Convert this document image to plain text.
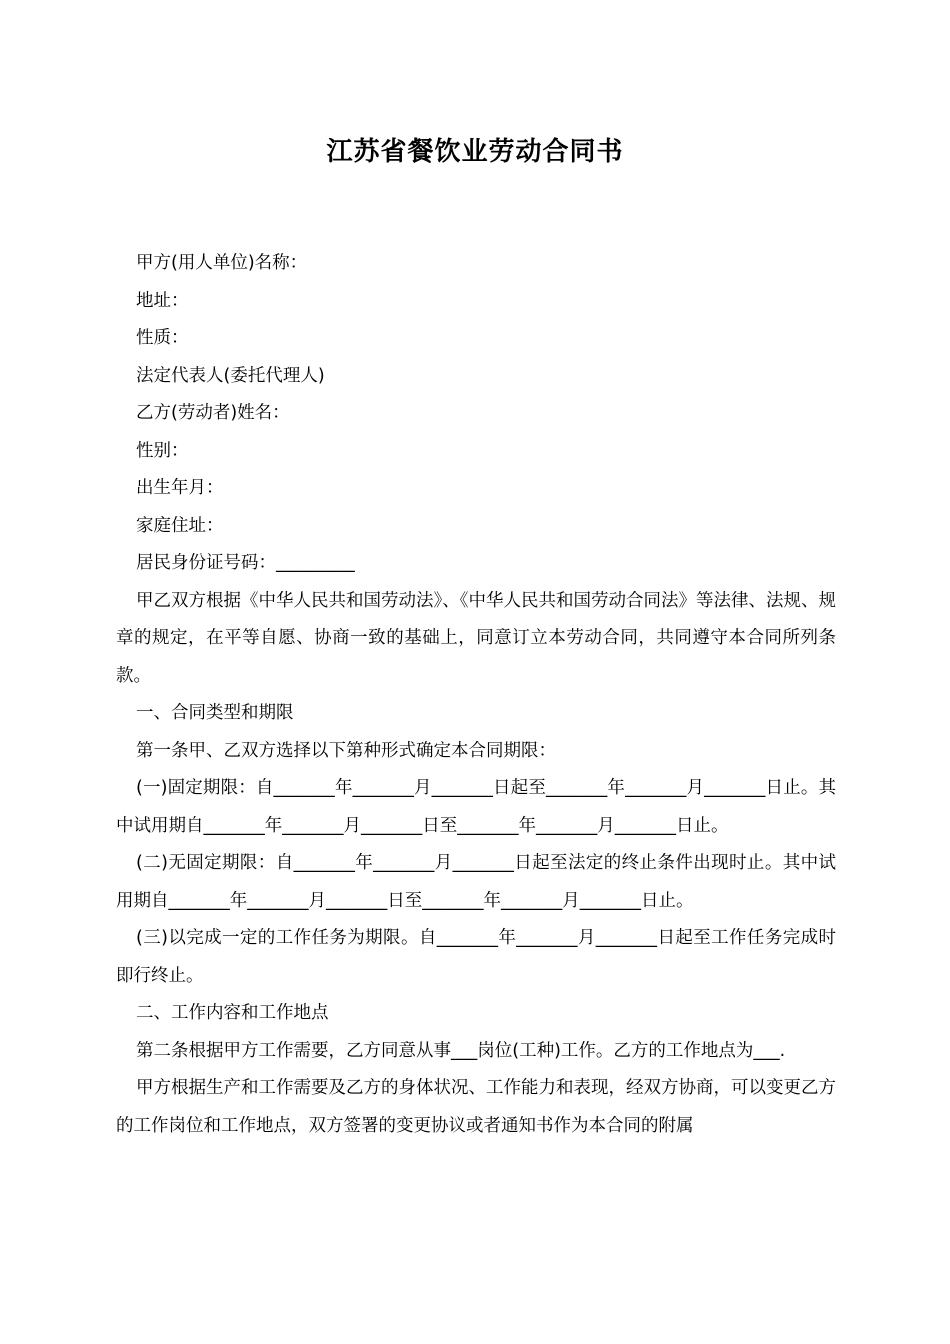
江苏省餐饮业劳动合同书

甲方(用人单位)名称：

地址：

性质：

法定代表人(委托代理人)

乙方(劳动者)姓名：

性别：

出生年月：

家庭住址：

居民身份证号码：_________

甲乙双方根据《中华人民共和国劳动法》、《中华人民共和国劳动合同法》等法律、法规、规章的规定，在平等自愿、协商一致的基础上，同意订立本劳动合同，共同遵守本合同所列条款。

一、合同类型和期限

第一条甲、乙双方选择以下第种形式确定本合同期限：

(一)固定期限：自_______年_______月_______日起至_______年_______月_______日止。其中试用期自_______年_______月_______日至_______年_______月_______日止。

(二)无固定期限：自_______年_______月_______日起至法定的终止条件出现时止。其中试用期自_______年_______月_______日至_______年_______月_______日止。

(三)以完成一定的工作任务为期限。自_______年_______月_______日起至工作任务完成时即行终止。

二、工作内容和工作地点

第二条根据甲方工作需要，乙方同意从事___岗位(工种)工作。乙方的工作地点为___.

甲方根据生产和工作需要及乙方的身体状况、工作能力和表现，经双方协商，可以变更乙方的工作岗位和工作地点，双方签署的变更协议或者通知书作为本合同的附属
